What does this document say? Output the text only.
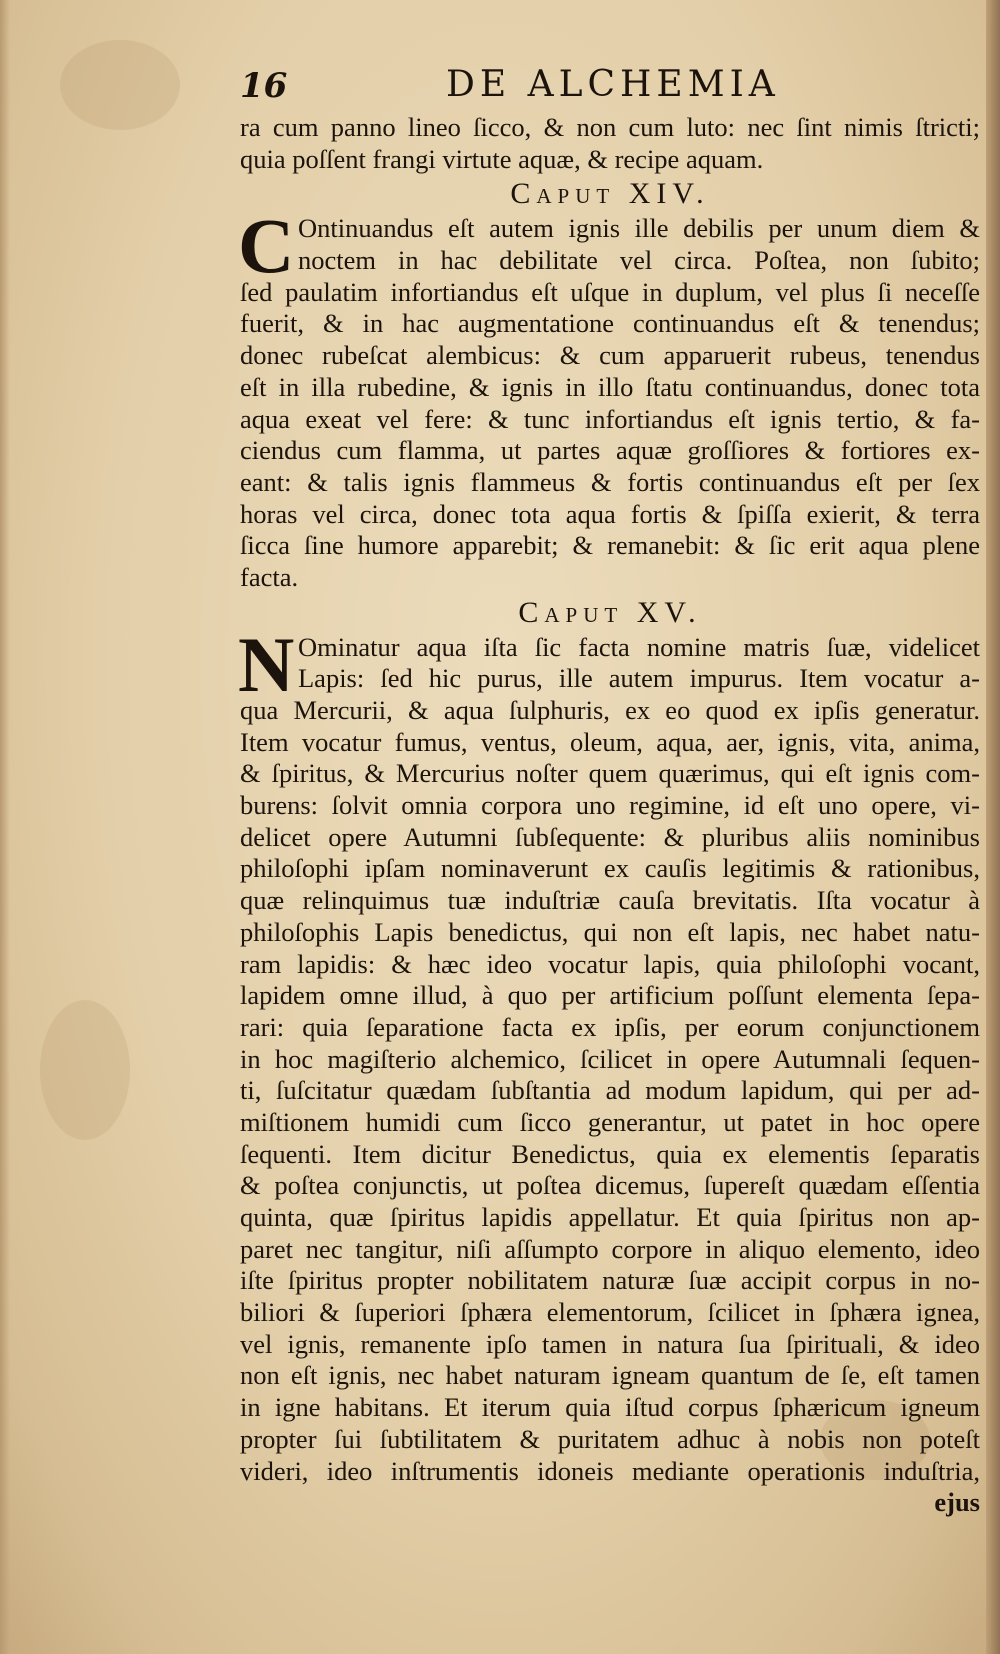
16	DE ALCHEMIA
ra cum panno lineo ſicco, & non cum luto: nec ſint nimis ſtricti;
quia poſſent frangi virtute aquæ, & recipe aquam.
Caput XIV.
C Ontinuandus eſt autem ignis ille debilis per unum diem &
noctem in hac debilitate vel circa. Poſtea, non ſubito;
ſed paulatim infortiandus eſt uſque in duplum, vel plus ſi neceſſe
fuerit, & in hac augmentatione continuandus eſt & tenendus;
donec rubeſcat alembicus: & cum apparuerit rubeus, tenendus
eſt in illa rubedine, & ignis in illo ſtatu continuandus, donec tota
aqua exeat vel fere: & tunc infortiandus eſt ignis tertio, & fa-
ciendus cum flamma, ut partes aquæ groſſiores & fortiores ex-
eant: & talis ignis flammeus & fortis continuandus eſt per ſex
horas vel circa, donec tota aqua fortis & ſpiſſa exierit, & terra
ſicca ſine humore apparebit; & remanebit: & ſic erit aqua plene
facta.
Caput XV.
N Ominatur aqua iſta ſic facta nomine matris ſuæ, videlicet
Lapis: ſed hic purus, ille autem impurus. Item vocatur a-
qua Mercurii, & aqua ſulphuris, ex eo quod ex ipſis generatur.
Item vocatur fumus, ventus, oleum, aqua, aer, ignis, vita, anima,
& ſpiritus, & Mercurius noſter quem quærimus, qui eſt ignis com-
burens: ſolvit omnia corpora uno regimine, id eſt uno opere, vi-
delicet opere Autumni ſubſequente: & pluribus aliis nominibus
philoſophi ipſam nominaverunt ex cauſis legitimis & rationibus,
quæ relinquimus tuæ induſtriæ cauſa brevitatis. Iſta vocatur à
philoſophis Lapis benedictus, qui non eſt lapis, nec habet natu-
ram lapidis: & hæc ideo vocatur lapis, quia philoſophi vocant,
lapidem omne illud, à quo per artificium poſſunt elementa ſepa-
rari: quia ſeparatione facta ex ipſis, per eorum conjunctionem
in hoc magiſterio alchemico, ſcilicet in opere Autumnali ſequen-
ti, ſuſcitatur quædam ſubſtantia ad modum lapidum, qui per ad-
miſtionem humidi cum ſicco generantur, ut patet in hoc opere
ſequenti. Item dicitur Benedictus, quia ex elementis ſeparatis
& poſtea conjunctis, ut poſtea dicemus, ſupereſt quædam eſſentia
quinta, quæ ſpiritus lapidis appellatur. Et quia ſpiritus non ap-
paret nec tangitur, niſi aſſumpto corpore in aliquo elemento, ideo
iſte ſpiritus propter nobilitatem naturæ ſuæ accipit corpus in no-
biliori & ſuperiori ſphæra elementorum, ſcilicet in ſphæra ignea,
vel ignis, remanente ipſo tamen in natura ſua ſpirituali, & ideo
non eſt ignis, nec habet naturam igneam quantum de ſe, eſt tamen
in igne habitans. Et iterum quia iſtud corpus ſphæricum igneum
propter ſui ſubtilitatem & puritatem adhuc à nobis non poteſt
videri, ideo inſtrumentis idoneis mediante operationis induſtria,
ejus
